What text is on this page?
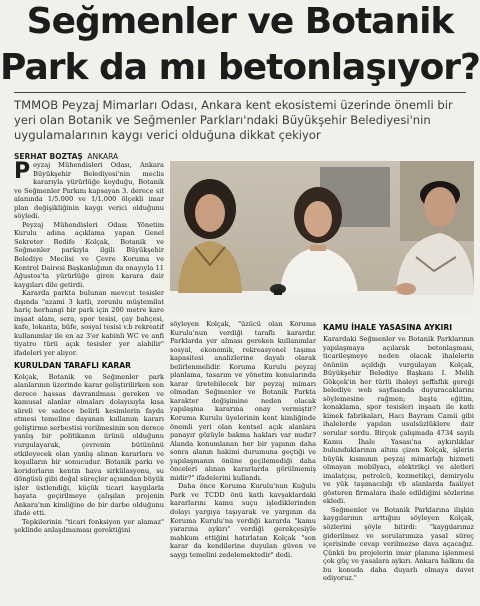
Seğmenler ve Botanik
Park da mı betonlaşıyor?
TMMOB Peyzaj Mimarları Odası, Ankara kent ekosistemi üzerinde önemli bir yeri olan Botanik ve Seğmenler Parkları'ndaki Büyükşehir Belediyesi'nin uygulamalarının kaygı verici olduğuna dikkat çekiyor
SERHAT BOZTAŞ ANKARA

Peyzaj Mühendisleri Odası, Ankara Büyükşehir Belediyesi'nin meclis kararıyla yürürlüğe koyduğu, Botanik ve Seğmenler Parkını kapsayan 3. derece sit alanında 1/5.000 ve 1/1.000 ölçekli imar plan değişikliğinin kaygı verici olduğunu söyledi.

Peyzaj Mühendisleri Odası Yönetim Kurulu adına açıklama yapan Genel Sekreter Redife Kolçak, Botanik ve Seğmenler parkıyla ilgili Büyükşehir Belediye Meclisi ve Çevre Koruma ve Kontrol Dairesi Başkanlığının da onayıyla 11 Ağustos'ta yürürlüğe giren karara dair kaygıları dile getirdi.

Kararda parkta bulunan mevcut tesisler dışında "azami 3 katlı, zorunlu müştemilat hariç herhangi bir park için 200 metre kare inşaat alanı, sera, spor tesisi, çay bahçesi, kafe, lokanta, büfe, sosyal tesisi v.b rekreatif kullanımlar ile en az 3'er kabinli WC ve anfi tiyatro türü açık tesisler yer alabilir" ifadeleri yer alıyor.

KURULDAN TARAFLI KARAR

Kolçak, Botanik ve Seğmenler park alanlarının üzerinde karar geliştirilirken son derece hassas davranılması gereken ve kamusal alanlar olmaları dolayısıyla kısa süreli ve sadece belirli kesimlerin fayda etmesi temeline dayanan kullanım kararı geliştirme serbestisi verilmesinin son derece yanlış bir politikanın ürünü olduğunu vurgulayarak, çevrenin bütününü etkileyecek olan yanlış alınan kararlara ve koşulların bir sonucudur. Botanik parkı ve koridorların kentin hava sirkülasyonu, su döngüsü gibi doğal süreçler açısından büyük işler üstlendiği, küçük ticari kaygılarla hayata geçirilmeye çalışılan projenin Ankara'nın kimliğine de bir darbe olduğunu ifade etti.

Tepkilerinin "ticari fonksiyon yer alamaz" şeklinde anlaşılmaması gerektiğini

söyleyen Kolçak, "üzücü olan Koruma Kurulu'nun verdiği taraflı karardır. Parklarda yer alması gereken kullanımlar sosyal, ekonomik, rekreasyonel taşıma kapasitesi analizlerine dayalı olarak belirlenmelidir. Koruma Kurulu peyzaj planlama, tasarım ve yönetim konularında karar üretebilecek bir peyzaj mimarı olmadan Seğmenler ve Botanik Parkta karakter değişimine neden olacak yapılaşma kararına onay vermiştir? Koruma Kurulu üyelerinin kent kimliğinde önemli yeri olan kentsel açık alanlara panayır gözüyle bakma hakları var mıdır? Alanda konumlanan her bir yapının daha sonra alanın hakimi durumuna geçtiği ve yapılaşmanın önüne geçilemediği daha önceleri alınan kararlarda görülmemiş midir?" ifadelerini kullandı.

Daha önce Koruma Kurulu'nun Kuğulu Park ve TCDD önü katlı kavşaklardaki kararlarını kamu suçu işlediklerinden dolayı yargıya taşıyarak ve yargının da Koruma Kurulu'na verdiği kararda "kamu yararına aykırı" verdiği gerekçesiyle mahkum ettiğini hatırlatan Kolçak "son karar da kendilerine duyulan güven ve saygı temelini zedelemektedir" dedi.

KAMU İHALE YASASINA AYKIRI

Karardaki Seğmenler ve Botanik Parklarının yapılaşmaya açılarak betonlaşması, ticarileşmeye neden olacak ihalelerin önünün açıldığı vurgulayan Kolçak, Büyükşehir Belediye Başkanı I. Melih Gökçek'in her türlü ihaleyi şeffaflık gereği belediye web sayfasında duyuracaklarını söylemesine rağmen; başta eğitim, konaklama, spor tesisleri inşaatı ile katlı kimek fabrikaları, Hacı Bayram Camii gibi ihalelerde yapılan usulsüzlüklere dair sorular sordu. Birçok çalışmada 4734 sayılı Kamu İhale Yasası'na aykırılıklar bulunduklarının altını çizen Kolçak, işlerin büyük kısmının peyzaj mimarlığı hizmeti olmayan mobilyacı, elektrikçi ve aletleri imalatçısı, petrolcü, kozmetikçi, demiryolu ve yük taşımacılığı vb alanlarda faaliyet gösteren firmalara ihale edildiğini sözlerine ekledi.

Seğmenler ve Botanik Parklarına ilişkin kaygılarının arttığını söyleyen Kolçak, sözlerini şöyle bitirdi: "kaygılarımız giderilmez ve sorularımıza yasal süreç içerisinde cevap verilmezse dava açacağız. Çünkü bu projelerin imar planına işlenmesi çok güç ve yasalara aykırı. Ankara halkını da bu konuda daha duyarlı olmaya davet ediyoruz."
